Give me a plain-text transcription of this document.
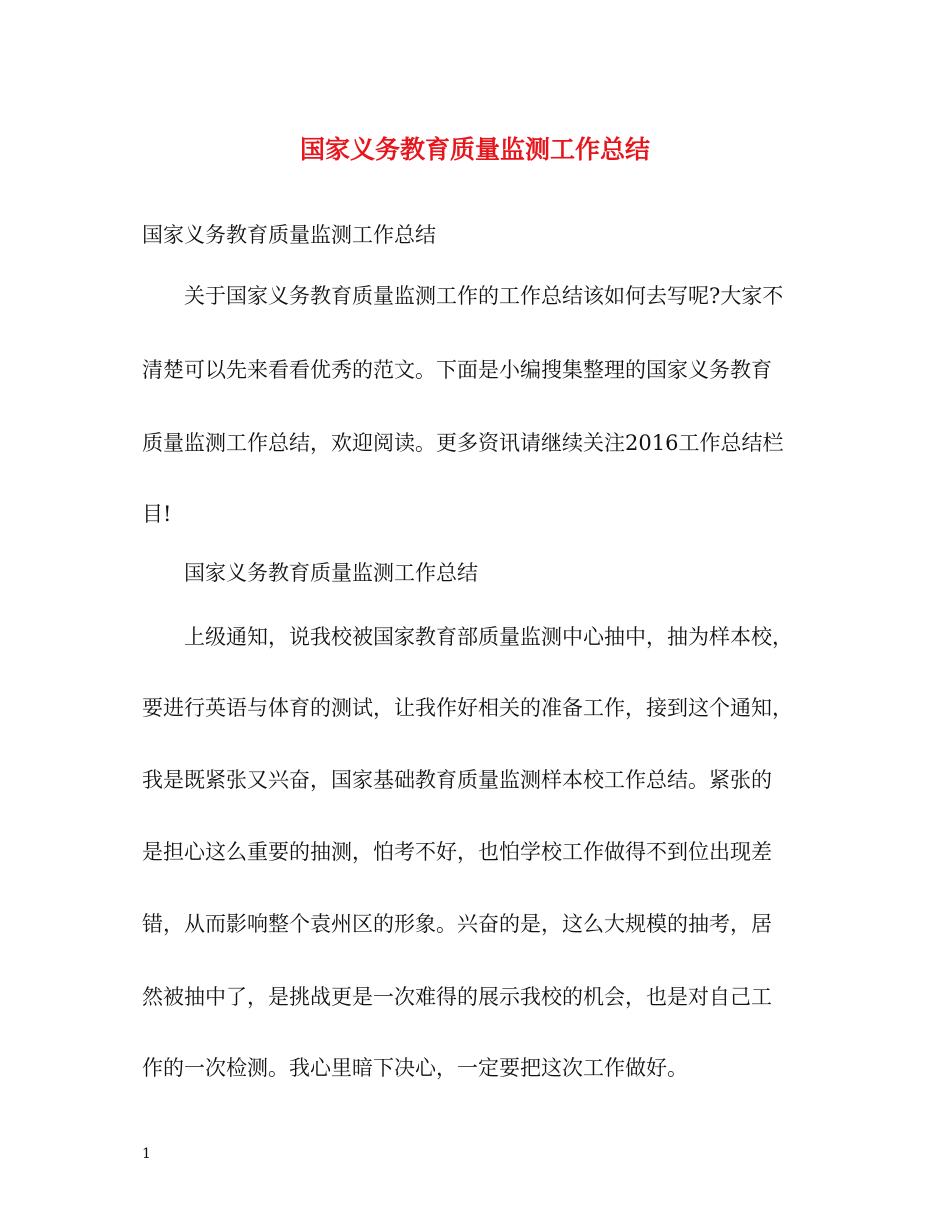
国家义务教育质量监测工作总结

国家义务教育质量监测工作总结

关于国家义务教育质量监测工作的工作总结该如何去写呢?大家不

清楚可以先来看看优秀的范文。下面是小编搜集整理的国家义务教育

质量监测工作总结，欢迎阅读。更多资讯请继续关注2016工作总结栏

目!

国家义务教育质量监测工作总结

上级通知，说我校被国家教育部质量监测中心抽中，抽为样本校，

要进行英语与体育的测试，让我作好相关的准备工作，接到这个通知，

我是既紧张又兴奋，国家基础教育质量监测样本校工作总结。紧张的

是担心这么重要的抽测，怕考不好，也怕学校工作做得不到位出现差

错，从而影响整个袁州区的形象。兴奋的是，这么大规模的抽考，居

然被抽中了，是挑战更是一次难得的展示我校的机会，也是对自己工

作的一次检测。我心里暗下决心，一定要把这次工作做好。

1
